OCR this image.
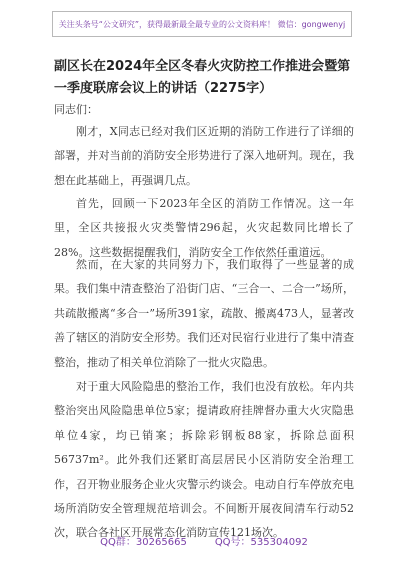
关注头条号“公文研究”，获得最新最全最专业的公文资料库！ 微信：gongwenyj
副区长在2024年全区冬春火灾防控工作推进会暨第一季度联席会议上的讲话（2275字）
同志们：

刚才，X同志已经对我们区近期的消防工作进行了详细的部署，并对当前的消防安全形势进行了深入地研判。现在，我想在此基础上，再强调几点。

首先，回顾一下2023年全区的消防工作情况。这一年里，全区共接报火灾类警情296起，火灾起数同比增长了28%。这些数据提醒我们，消防安全工作依然任重道远。

然而，在大家的共同努力下，我们取得了一些显著的成果。我们集中清查整治了沿街门店、“三合一、二合一”场所，共疏散搬离“多合一”场所391家，疏散、搬离473人，显著改善了辖区的消防安全形势。我们还对民宿行业进行了集中清查整治，推动了相关单位消除了一批火灾隐患。

对于重大风险隐患的整治工作，我们也没有放松。年内共整治突出风险隐患单位5家；提请政府挂牌督办重大火灾隐患单位4家，均已销案；拆除彩钢板88家，拆除总面积56737m²。此外我们还紧盯高层居民小区消防安全治理工作，召开物业服务企业火灾警示约谈会。电动自行车停放充电场所消防安全管理规范培训会。不间断开展夜间清车行动52次，联合各社区开展常态化消防宣传121场次。

QQ群：30265665	QQ号：535304092
